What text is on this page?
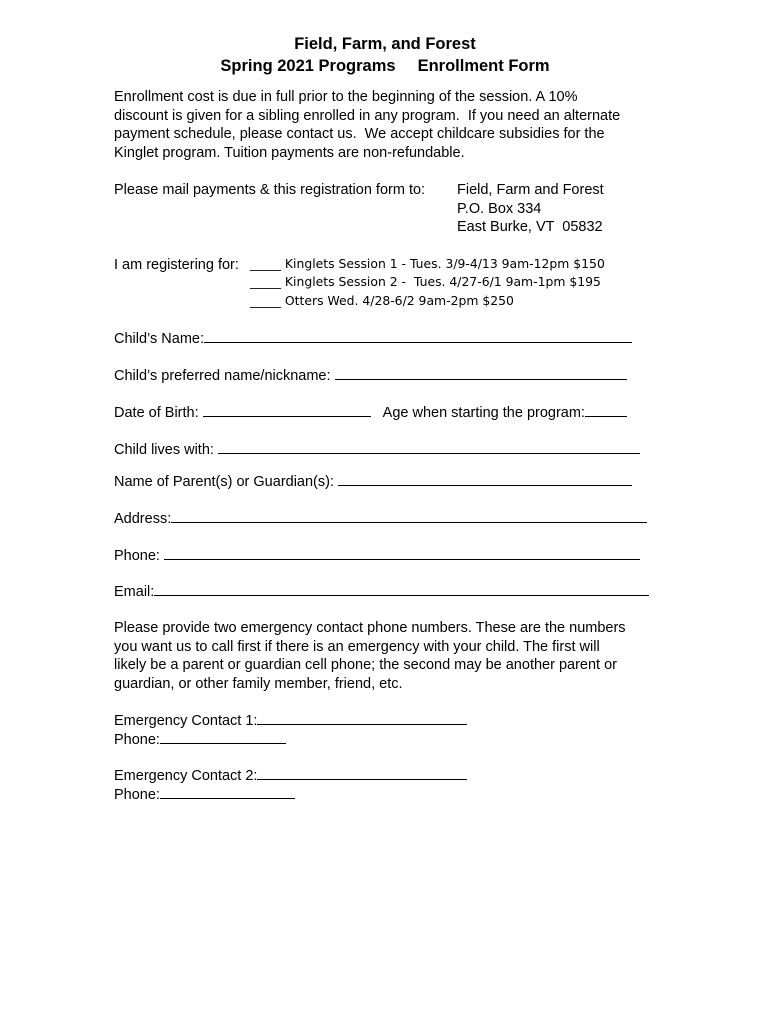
Field, Farm, and Forest
Spring 2021 Programs Enrollment Form
Enrollment cost is due in full prior to the beginning of the session. A 10%
discount is given for a sibling enrolled in any program.  If you need an alternate
payment schedule, please contact us.  We accept childcare subsidies for the
Kinglet program. Tuition payments are non-refundable.
Please mail payments & this registration form to: Field, Farm and Forest
P.O. Box 334
East Burke, VT  05832
I am registering for: _____ Kinglets Session 1 - Tues. 3/9-4/13 9am-12pm $150
_____ Kinglets Session 2 -  Tues. 4/27-6/1 9am-1pm $195
_____ Otters Wed. 4/28-6/2 9am-2pm $250
Child’s Name:
Child’s preferred name/nickname:
Date of Birth:	Age when starting the program:
Child lives with:
Name of Parent(s) or Guardian(s):
Address:
Phone:
Email:
Please provide two emergency contact phone numbers. These are the numbers
you want us to call first if there is an emergency with your child. The first will
likely be a parent or guardian cell phone; the second may be another parent or
guardian, or other family member, friend, etc.
Emergency Contact 1:
Phone:
Emergency Contact 2:
Phone:
